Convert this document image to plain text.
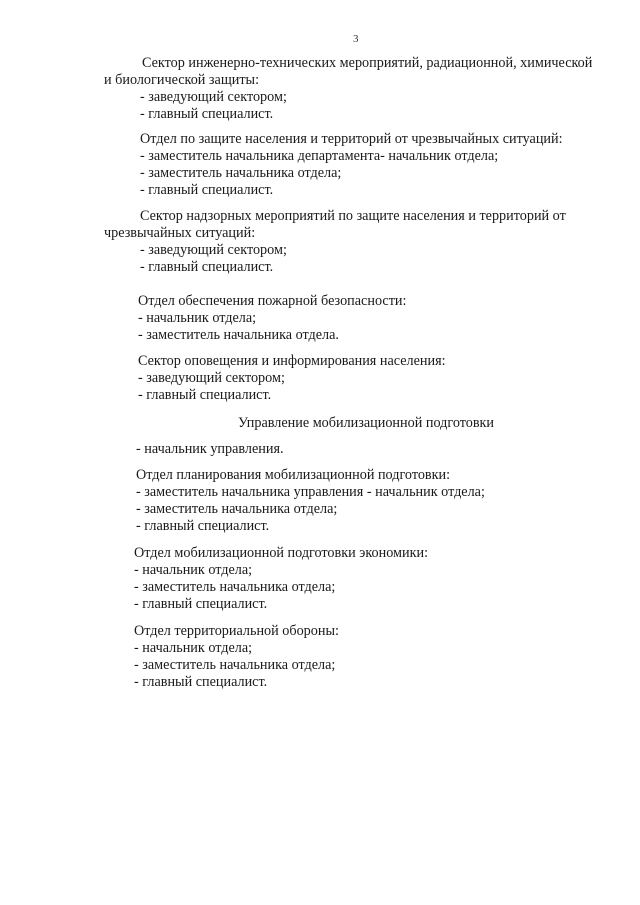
3
Сектор инженерно-технических мероприятий, радиационной, химической
и биологической защиты:
- заведующий сектором;
- главный специалист.
Отдел по защите населения и территорий от чрезвычайных ситуаций:
- заместитель начальника департамента- начальник отдела;
- заместитель начальника отдела;
- главный специалист.
Сектор надзорных мероприятий по защите населения и территорий от
чрезвычайных ситуаций:
- заведующий сектором;
- главный специалист.
Отдел обеспечения пожарной безопасности:
- начальник отдела;
- заместитель начальника отдела.
Сектор оповещения и информирования населения:
- заведующий сектором;
- главный специалист.
Управление мобилизационной подготовки
- начальник управления.
Отдел планирования мобилизационной подготовки:
- заместитель начальника управления - начальник отдела;
- заместитель начальника отдела;
- главный специалист.
Отдел мобилизационной подготовки экономики:
- начальник отдела;
- заместитель начальника отдела;
- главный специалист.
Отдел территориальной обороны:
- начальник отдела;
- заместитель начальника отдела;
- главный специалист.
